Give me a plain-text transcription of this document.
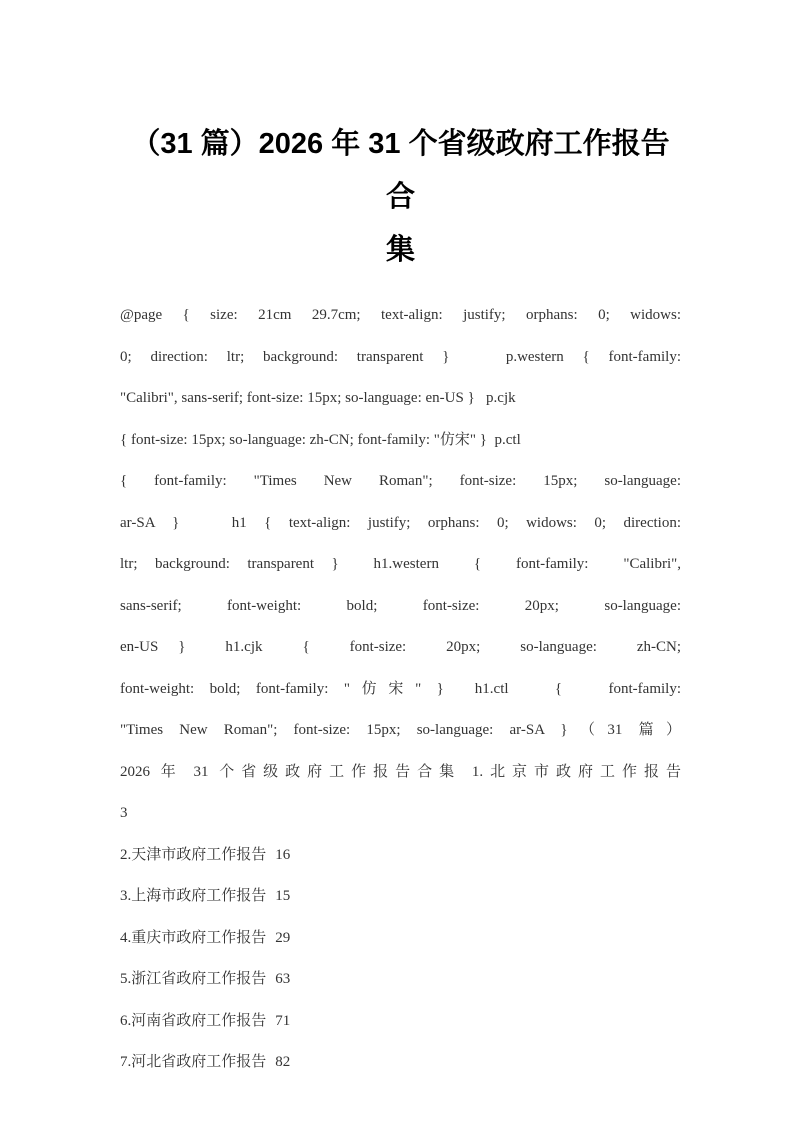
（31 篇）2026 年 31 个省级政府工作报告合
集
@page { size: 21cm 29.7cm; text-align: justify; orphans: 0; widows:
0; direction: ltr; background: transparent }   p.western { font-family:
"Calibri", sans-serif; font-size: 15px; so-language: en-US }   p.cjk
{ font-size: 15px; so-language: zh-CN; font-family: "仿宋" }  p.ctl
{ font-family: "Times New Roman"; font-size: 15px; so-language:
ar-SA }   h1 { text-align: justify; orphans: 0; widows: 0; direction:
ltr; background: transparent }  h1.western  {  font-family:  "Calibri",
sans-serif;  font-weight:  bold;  font-size:  20px;  so-language:
en-US }  h1.cjk  {  font-size:  20px;  so-language:  zh-CN;
font-weight: bold; font-family: "仿宋" }  h1.ctl   {   font-family:
"Times New Roman"; font-size: 15px; so-language: ar-SA }（31 篇）
2026 年 31 个省级政府工作报告合集 1.北京市政府工作报告
3
2.天津市政府工作报告 16
3.上海市政府工作报告 15
4.重庆市政府工作报告 29
5.浙江省政府工作报告 63
6.河南省政府工作报告 71
7.河北省政府工作报告 82
